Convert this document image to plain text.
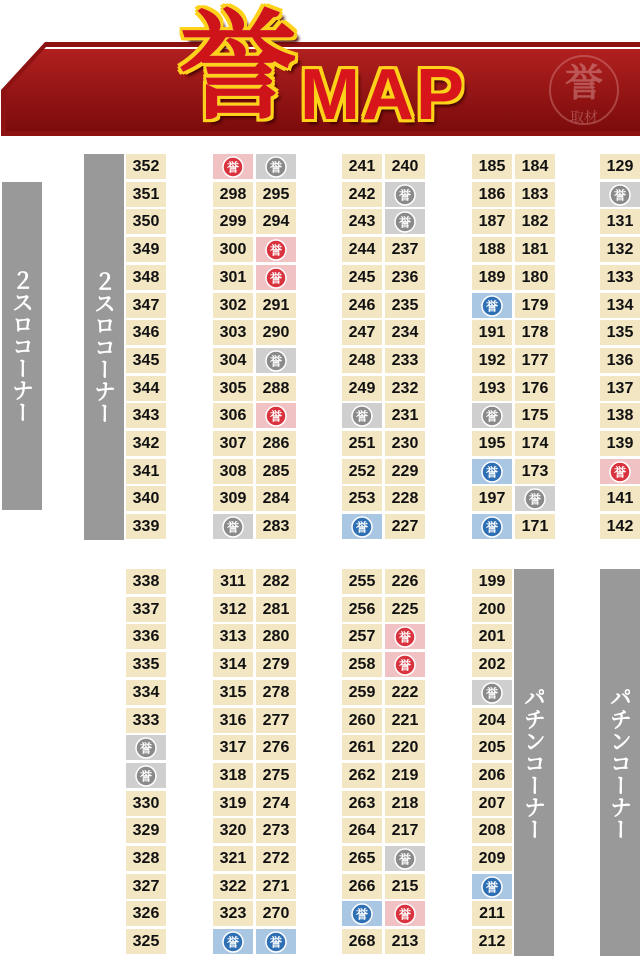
誉
取材
誉 MAP
２スロコーナー	２スロコーナー
パチンコーナー	パチンコーナー
352
351
350
349
348
347
346
345
344
343
342
341
340
339
誉
298
299
300
301
302
303
304
305
306
307
308
309
誉
誉
295
294
誉
誉
291
290
誉
288
誉
286
285
284
283
241
242
243
244
245
246
247
248
249
誉
251
252
253
誉
240
誉
誉
237
236
235
234
233
232
231
230
229
228
227
185
186
187
188
189
誉
191
192
193
誉
195
誉
197
誉
184
183
182
181
180
179
178
177
176
175
174
173
誉
171
129
誉
131
132
133
134
135
136
137
138
139
誉
141
142
338
337
336
335
334
333
誉
誉
330
329
328
327
326
325
311
312
313
314
315
316
317
318
319
320
321
322
323
誉
282
281
280
279
278
277
276
275
274
273
272
271
270
誉
255
256
257
258
259
260
261
262
263
264
265
266
誉
268
226
225
誉
誉
222
221
220
219
218
217
誉
215
誉
213
199
200
201
202
誉
204
205
206
207
208
209
誉
211
212
